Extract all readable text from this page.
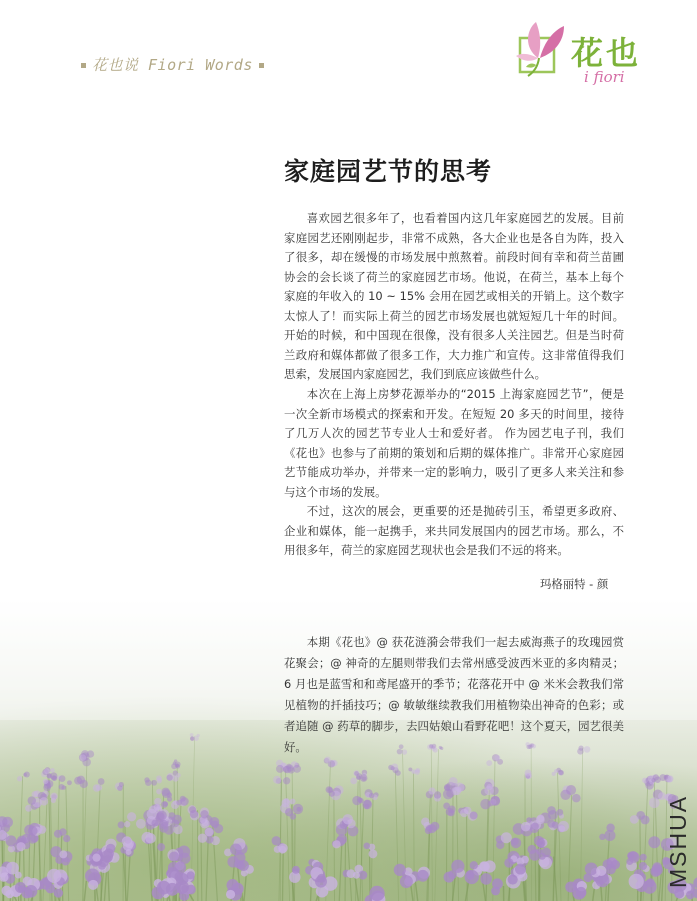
花也说 Fiori Words	花也
i fiori
家庭园艺节的思考

喜欢园艺很多年了，也看着国内这几年家庭园艺的发展。目前家庭园艺还刚刚起步，非常不成熟，各大企业也是各自为阵，投入了很多，却在缓慢的市场发展中煎熬着。前段时间有幸和荷兰苗圃协会的会长谈了荷兰的家庭园艺市场。他说，在荷兰，基本上每个家庭的年收入的 10 ~ 15% 会用在园艺或相关的开销上。这个数字太惊人了！而实际上荷兰的园艺市场发展也就短短几十年的时间。开始的时候，和中国现在很像，没有很多人关注园艺。但是当时荷兰政府和媒体都做了很多工作，大力推广和宣传。这非常值得我们思索，发展国内家庭园艺，我们到底应该做些什么。

本次在上海上房梦花源举办的“2015 上海家庭园艺节”，便是一次全新市场模式的探索和开发。在短短 20 多天的时间里，接待了几万人次的园艺节专业人士和爱好者。 作为园艺电子刊，我们《花也》也参与了前期的策划和后期的媒体推广。非常开心家庭园艺节能成功举办，并带来一定的影响力，吸引了更多人来关注和参与这个市场的发展。

不过，这次的展会，更重要的还是抛砖引玉，希望更多政府、企业和媒体，能一起携手，来共同发展国内的园艺市场。那么，不用很多年，荷兰的家庭园艺现状也会是我们不远的将来。

玛格丽特 - 颜

本期《花也》@ 获花涟漪会带我们一起去威海燕子的玫瑰园赏花聚会；@ 神奇的左腿则带我们去常州感受波西米亚的多肉精灵；6 月也是蓝雪和和鸢尾盛开的季节；花落花开中 @ 米米会教我们常见植物的扦插技巧；@ 敏敏继续教我们用植物染出神奇的色彩；或者追随 @ 药草的脚步，去四姑娘山看野花吧！这个夏天，园艺很美好。

MSHUA
